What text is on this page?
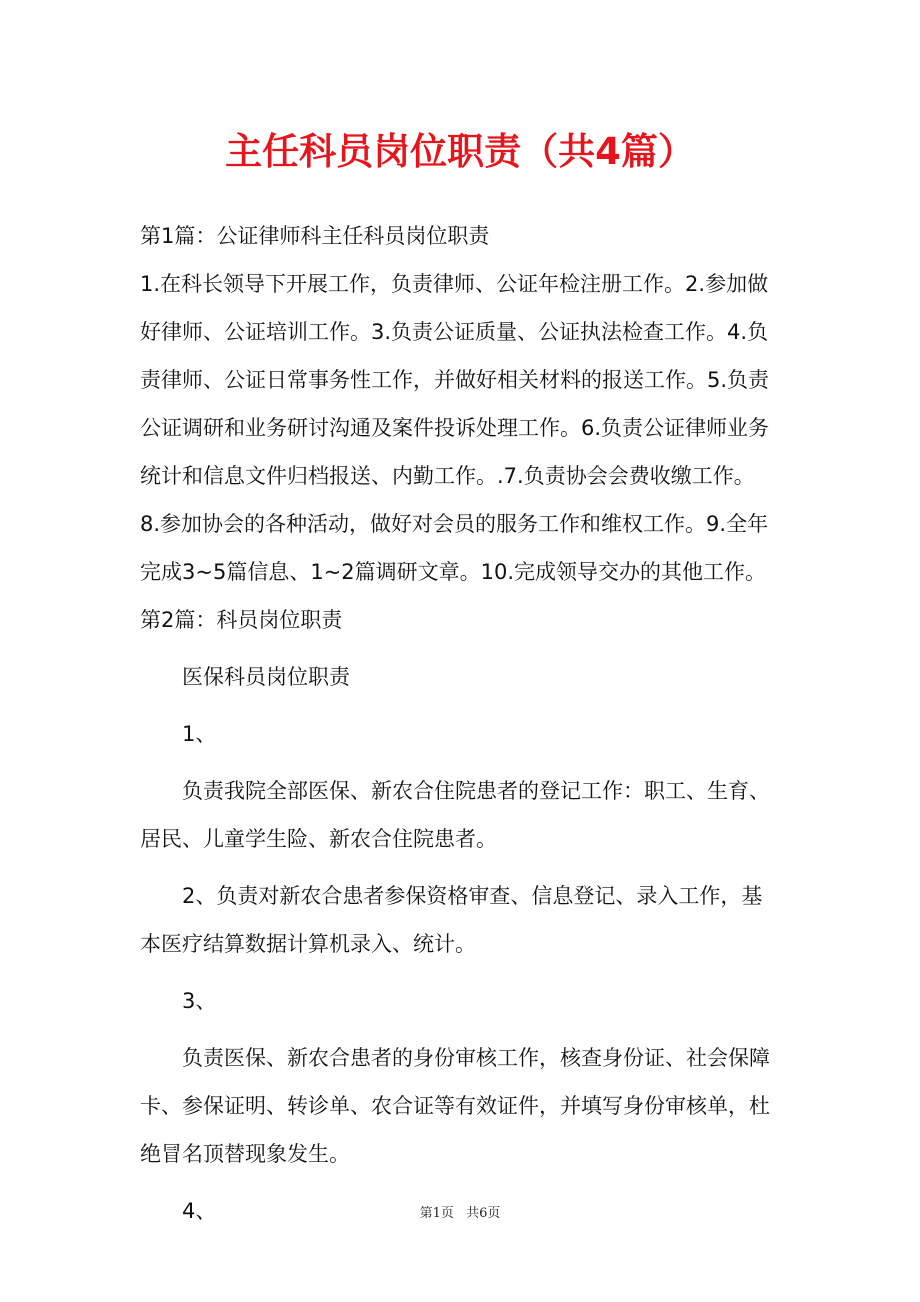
主任科员岗位职责（共4篇）
第1篇：公证律师科主任科员岗位职责
1.在科长领导下开展工作，负责律师、公证年检注册工作。2.参加做
好律师、公证培训工作。3.负责公证质量、公证执法检查工作。4.负
责律师、公证日常事务性工作，并做好相关材料的报送工作。5.负责
公证调研和业务研讨沟通及案件投诉处理工作。6.负责公证律师业务
统计和信息文件归档报送、内勤工作。.7.负责协会会费收缴工作。
8.参加协会的各种活动，做好对会员的服务工作和维权工作。9.全年
完成3~5篇信息、1~2篇调研文章。10.完成领导交办的其他工作。
第2篇：科员岗位职责
医保科员岗位职责
1、
负责我院全部医保、新农合住院患者的登记工作：职工、生育、
居民、儿童学生险、新农合住院患者。
2、负责对新农合患者参保资格审查、信息登记、录入工作，基
本医疗结算数据计算机录入、统计。
3、
负责医保、新农合患者的身份审核工作，核查身份证、社会保障
卡、参保证明、转诊单、农合证等有效证件，并填写身份审核单，杜
绝冒名顶替现象发生。
4、	第1页 共6页
